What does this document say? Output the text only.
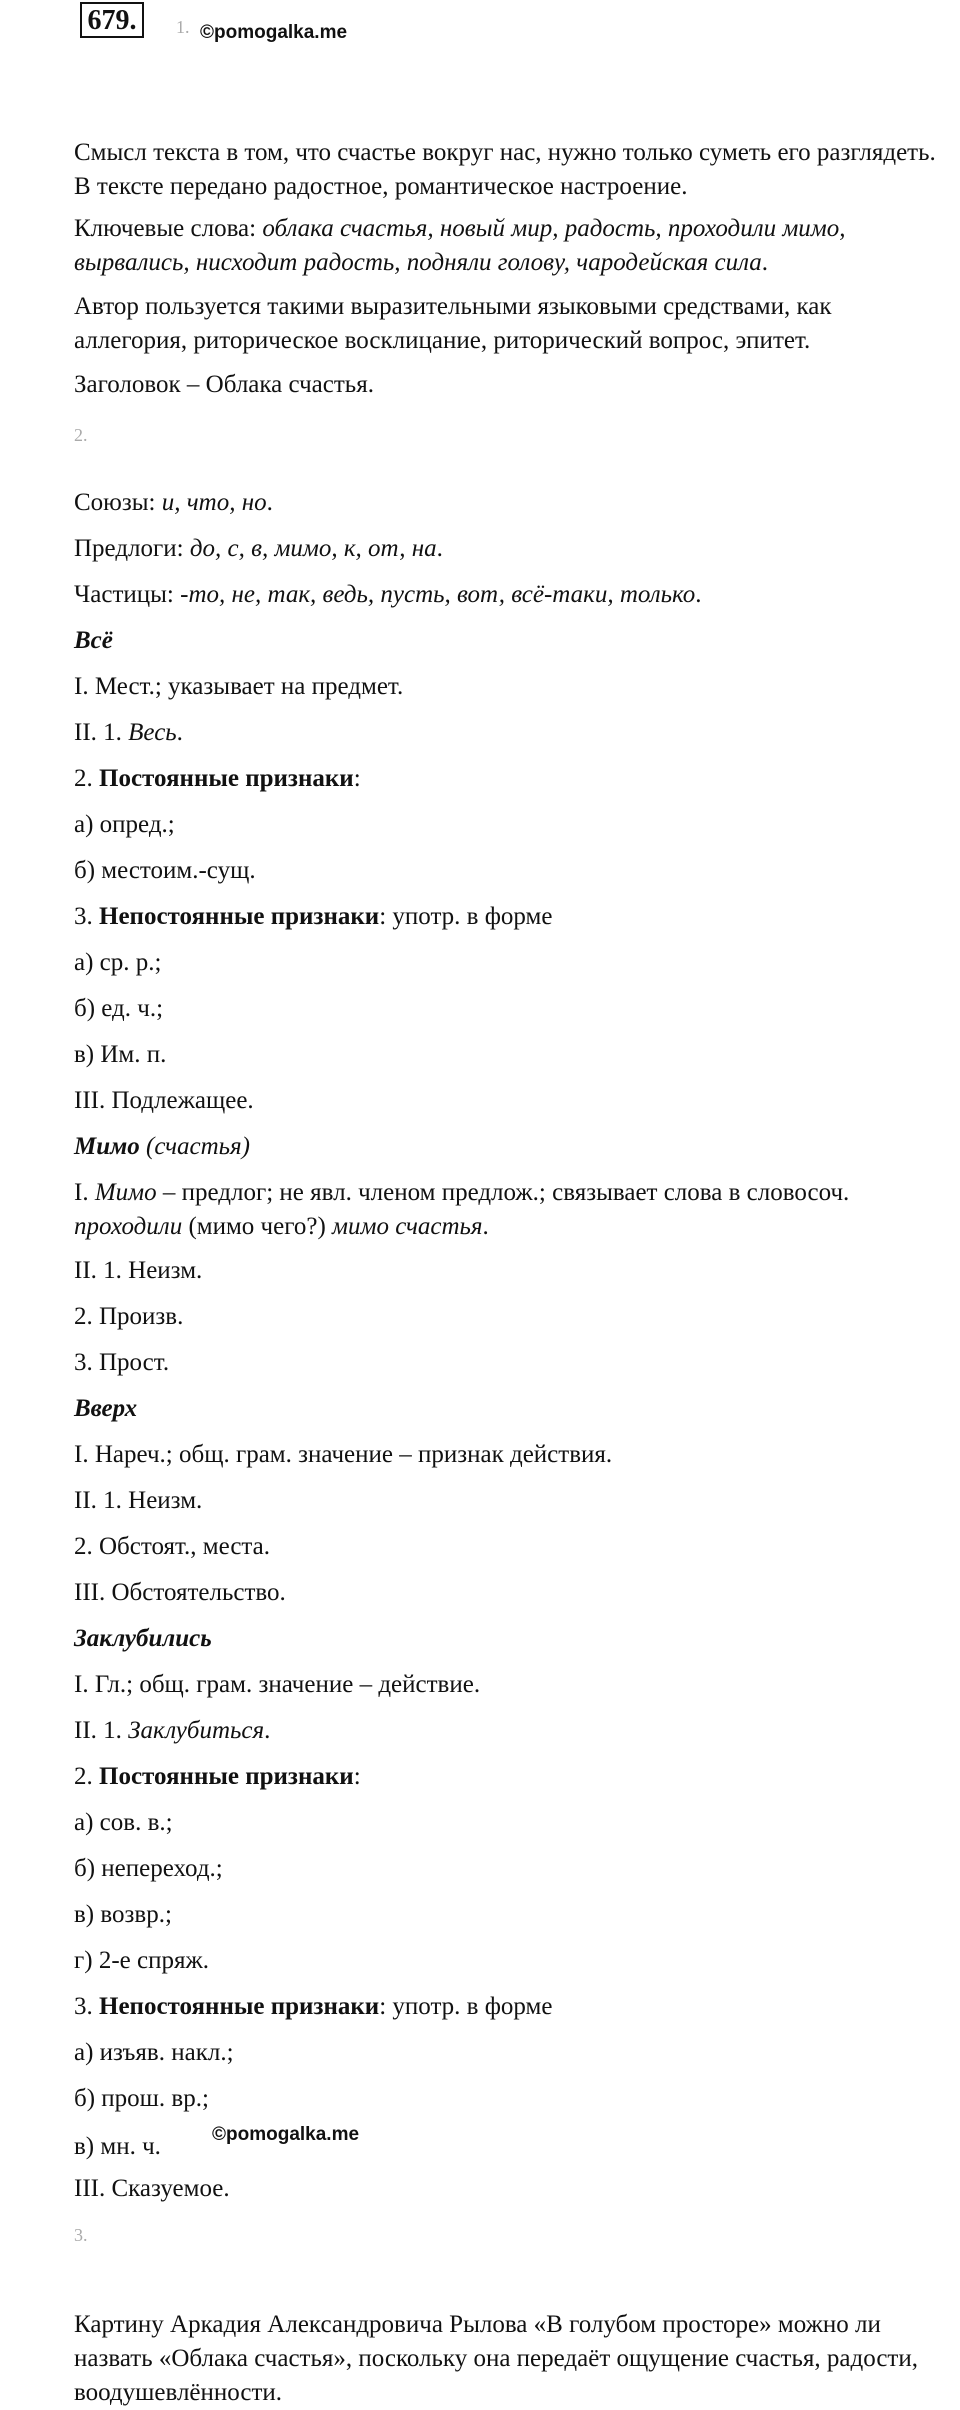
679.	1. ©pomogalka.me
Смысл текста в том, что счастье вокруг нас, нужно только суметь его разглядеть. В тексте передано радостное, романтическое настроение.
Ключевые слова: облака счастья, новый мир, радость, проходили мимо, вырвались, нисходит радость, подняли голову, чародейская сила.
Автор пользуется такими выразительными языковыми средствами, как аллегория, риторическое восклицание, риторический вопрос, эпитет.
Заголовок – Облака счастья.
2.
Союзы: и, что, но.
Предлоги: до, с, в, мимо, к, от, на.
Частицы: -то, не, так, ведь, пусть, вот, всё-таки, только.
Всё
I. Мест.; указывает на предмет.
II. 1. Весь.
2. Постоянные признаки:
а) опред.;
б) местоим.-сущ.
3. Непостоянные признаки: употр. в форме
а) ср. р.;
б) ед. ч.;
в) Им. п.
III. Подлежащее.
Мимо (счастья)
I. Мимо – предлог; не явл. членом предлож.; связывает слова в словосоч. проходили (мимо чего?) мимо счастья.
II. 1. Неизм.
2. Произв.
3. Прост.
Вверх
I. Нареч.; общ. грам. значение – признак действия.
II. 1. Неизм.
2. Обстоят., места.
III. Обстоятельство.
Заклубились
I. Гл.; общ. грам. значение – действие.
II. 1. Заклубиться.
2. Постоянные признаки:
а) сов. в.;
б) непереход.;
в) возвр.;
г) 2-е спряж.
3. Непостоянные признаки: употр. в форме
а) изъяв. накл.;
б) прош. вр.;
в) мн. ч.	©pomogalka.me
III. Сказуемое.
3.
Картину Аркадия Александровича Рылова «В голубом просторе» можно ли назвать «Облака счастья», поскольку она передаёт ощущение счастья, радости, воодушевлённости.
